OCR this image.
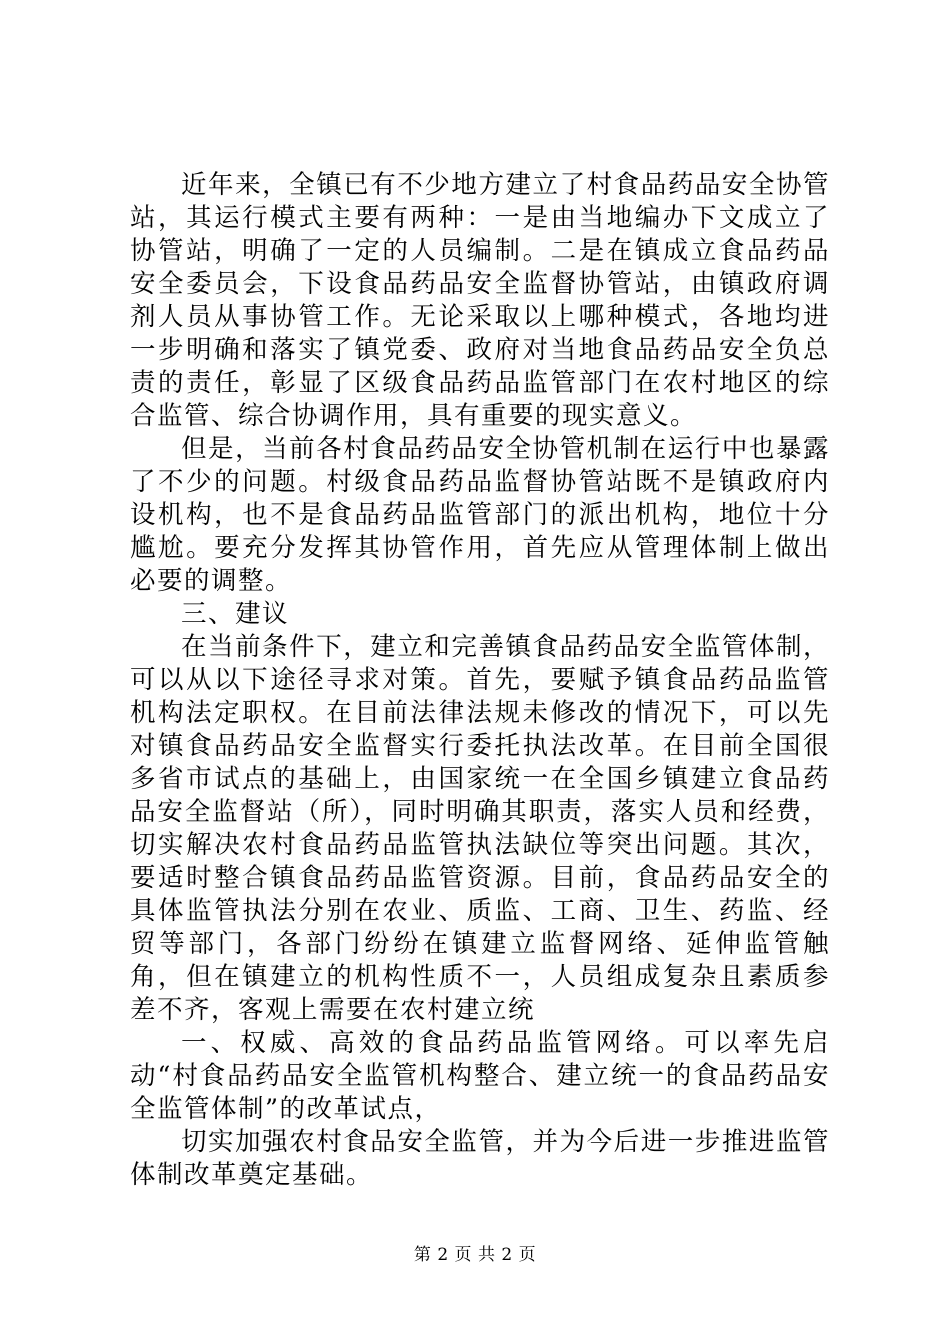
近年来，全镇已有不少地方建立了村食品药品安全协管站，其运行模式主要有两种：一是由当地编办下文成立了协管站，明确了一定的人员编制。二是在镇成立食品药品安全委员会，下设食品药品安全监督协管站，由镇政府调剂人员从事协管工作。无论采取以上哪种模式，各地均进一步明确和落实了镇党委、政府对当地食品药品安全负总责的责任，彰显了区级食品药品监管部门在农村地区的综合监管、综合协调作用，具有重要的现实意义。

但是，当前各村食品药品安全协管机制在运行中也暴露了不少的问题。村级食品药品监督协管站既不是镇政府内设机构，也不是食品药品监管部门的派出机构，地位十分尴尬。要充分发挥其协管作用，首先应从管理体制上做出必要的调整。

三、建议

在当前条件下，建立和完善镇食品药品安全监管体制，可以从以下途径寻求对策。首先，要赋予镇食品药品监管机构法定职权。在目前法律法规未修改的情况下，可以先对镇食品药品安全监督实行委托执法改革。在目前全国很多省市试点的基础上，由国家统一在全国乡镇建立食品药品安全监督站（所），同时明确其职责，落实人员和经费，切实解决农村食品药品监管执法缺位等突出问题。其次，要适时整合镇食品药品监管资源。目前，食品药品安全的具体监管执法分别在农业、质监、工商、卫生、药监、经贸等部门，各部门纷纷在镇建立监督网络、延伸监管触角，但在镇建立的机构性质不一，人员组成复杂且素质参差不齐，客观上需要在农村建立统

一、权威、高效的食品药品监管网络。可以率先启动“村食品药品安全监管机构整合、建立统一的食品药品安全监管体制”的改革试点，

切实加强农村食品安全监管，并为今后进一步推进监管体制改革奠定基础。

第 2 页 共 2 页
